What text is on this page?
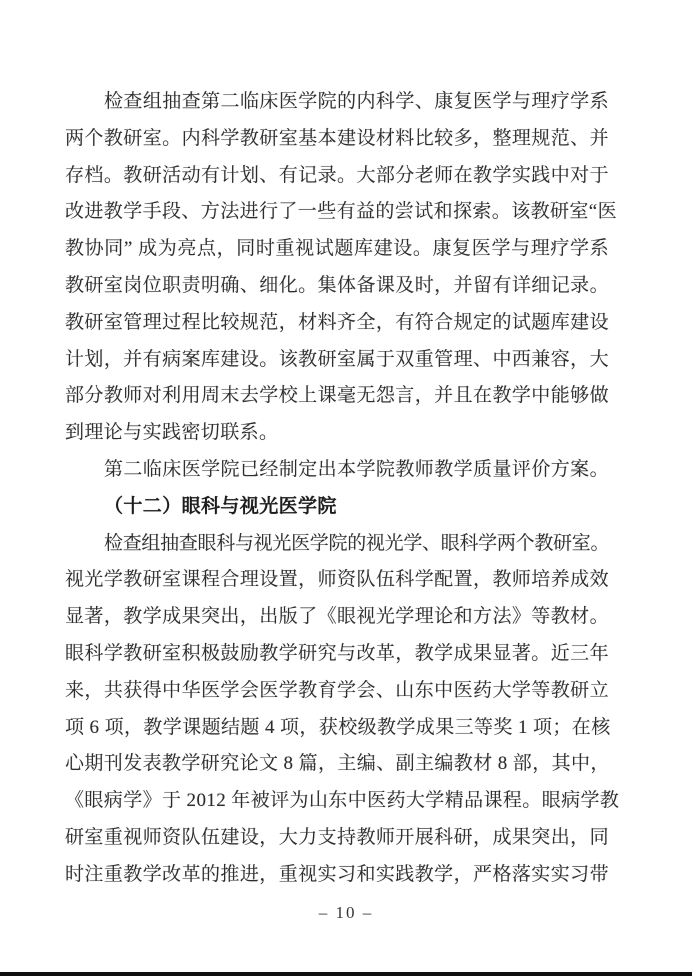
检查组抽查第二临床医学院的内科学、康复医学与理疗学系
两个教研室。内科学教研室基本建设材料比较多，整理规范、并
存档。教研活动有计划、有记录。大部分老师在教学实践中对于
改进教学手段、方法进行了一些有益的尝试和探索。该教研室“医
教协同” 成为亮点，同时重视试题库建设。康复医学与理疗学系
教研室岗位职责明确、细化。集体备课及时，并留有详细记录。
教研室管理过程比较规范，材料齐全，有符合规定的试题库建设
计划，并有病案库建设。该教研室属于双重管理、中西兼容，大
部分教师对利用周末去学校上课毫无怨言，并且在教学中能够做
到理论与实践密切联系。
第二临床医学院已经制定出本学院教师教学质量评价方案。
（十二）眼科与视光医学院
检查组抽查眼科与视光医学院的视光学、眼科学两个教研室。
视光学教研室课程合理设置，师资队伍科学配置，教师培养成效
显著，教学成果突出，出版了《眼视光学理论和方法》等教材。
眼科学教研室积极鼓励教学研究与改革，教学成果显著。近三年
来，共获得中华医学会医学教育学会、山东中医药大学等教研立
项 6 项，教学课题结题 4 项，获校级教学成果三等奖 1 项；在核
心期刊发表教学研究论文 8 篇，主编、副主编教材 8 部，其中，
《眼病学》于 2012 年被评为山东中医药大学精品课程。眼病学教
研室重视师资队伍建设，大力支持教师开展科研，成果突出，同
时注重教学改革的推进，重视实习和实践教学，严格落实实习带
– 10 –
